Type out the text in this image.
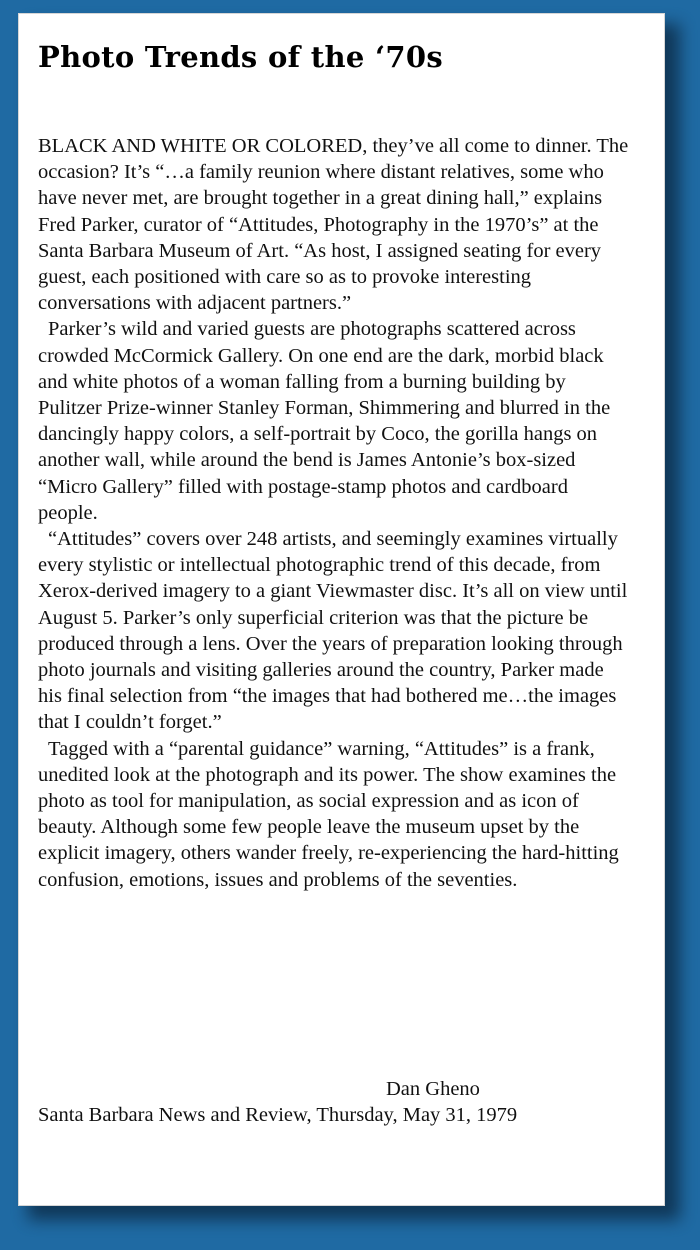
Photo Trends of the ‘70s

BLACK AND WHITE OR COLORED, they’ve all come to dinner. The occasion? It’s “…a family reunion where distant relatives, some who have never met, are brought together in a great dining hall,” explains Fred Parker, curator of “Attitudes, Photography in the 1970’s” at the Santa Barbara Museum of Art. “As host, I assigned seating for every guest, each positioned with care so as to provoke interesting conversations with adjacent partners.”

Parker’s wild and varied guests are photographs scattered across crowded McCormick Gallery. On one end are the dark, morbid black and white photos of a woman falling from a burning building by Pulitzer Prize-winner Stanley Forman, Shimmering and blurred in the dancingly happy colors, a self-portrait by Coco, the gorilla hangs on another wall, while around the bend is James Antonie’s box-sized “Micro Gallery” filled with postage-stamp photos and cardboard people.

“Attitudes” covers over 248 artists, and seemingly examines virtually every stylistic or intellectual photographic trend of this decade, from Xerox-derived imagery to a giant Viewmaster disc. It’s all on view until August 5. Parker’s only superficial criterion was that the picture be produced through a lens. Over the years of preparation looking through photo journals and visiting galleries around the country, Parker made his final selection from “the images that had bothered me…the images that I couldn’t forget.”

Tagged with a “parental guidance” warning, “Attitudes” is a frank, unedited look at the photograph and its power. The show examines the photo as tool for manipulation, as social expression and as icon of beauty. Although some few people leave the museum upset by the explicit imagery, others wander freely, re-experiencing the hard-hitting confusion, emotions, issues and problems of the seventies.

Dan Gheno
Santa Barbara News and Review, Thursday, May 31, 1979
